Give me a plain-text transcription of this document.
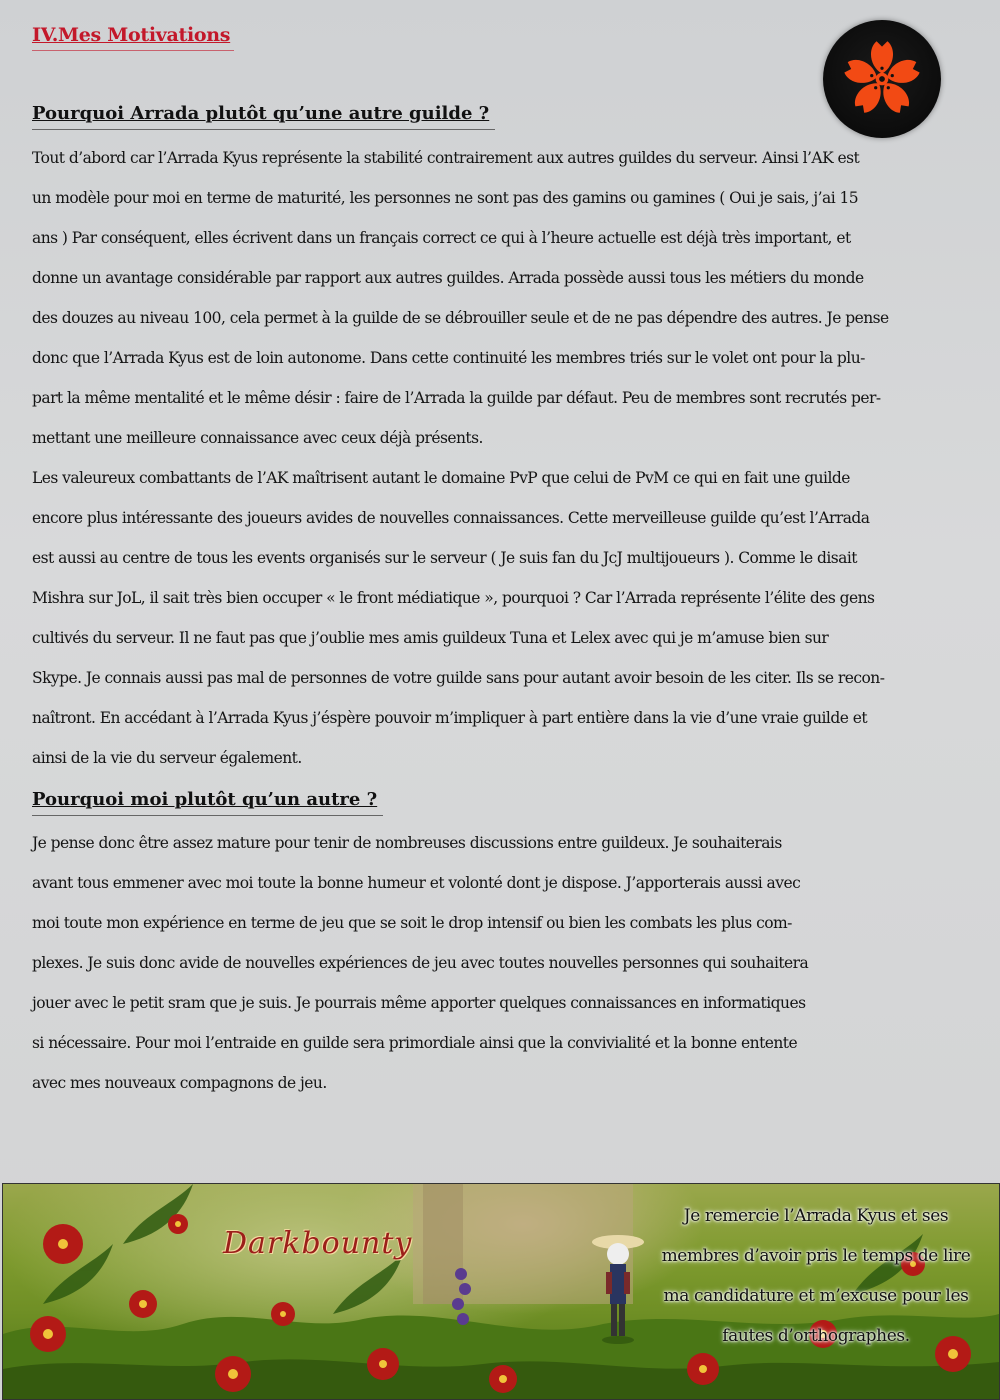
IV.Mes Motivations
Pourquoi Arrada plutôt qu’une autre guilde ?
Tout d’abord car l’Arrada Kyus représente la stabilité contrairement aux autres guildes du serveur. Ainsi l’AK est
un modèle pour moi en terme de maturité, les personnes ne sont pas des gamins ou gamines ( Oui je sais, j’ai 15
ans ) Par conséquent, elles écrivent dans un français correct ce qui à l’heure actuelle est déjà très important, et
donne un avantage considérable par rapport aux autres guildes. Arrada possède aussi tous les métiers du monde
des douzes au niveau 100, cela permet à la guilde de se débrouiller seule et de ne pas dépendre des autres. Je pense
donc que l’Arrada Kyus est de loin autonome. Dans cette continuité les membres triés sur le volet ont pour la plu-
part la même mentalité et le même désir : faire de l’Arrada la guilde par défaut. Peu de membres sont recrutés per-
mettant une meilleure connaissance avec ceux déjà présents.
Les valeureux combattants de l’AK maîtrisent autant le domaine PvP que celui de PvM ce qui en fait une guilde
encore plus intéressante des joueurs avides de nouvelles connaissances. Cette merveilleuse guilde qu’est l’Arrada
est aussi au centre de tous les events organisés sur le serveur ( Je suis fan du JcJ multijoueurs ). Comme le disait
Mishra sur JoL, il sait très bien occuper « le front médiatique », pourquoi ? Car l’Arrada représente l’élite des gens
cultivés du serveur. Il ne faut pas que j’oublie mes amis guildeux Tuna et Lelex avec qui je m’amuse bien sur
Skype. Je connais aussi pas mal de personnes de votre guilde sans pour autant avoir besoin de les citer. Ils se recon-
naîtront. En accédant à l’Arrada Kyus j’éspère pouvoir m’impliquer à part entière dans la vie d’une vraie guilde et
ainsi de la vie du serveur également.
Pourquoi moi plutôt qu’un autre ?
Je pense donc être assez mature pour tenir de nombreuses discussions entre guildeux. Je souhaiterais
avant tous emmener avec moi toute la bonne humeur et volonté dont je dispose. J’apporterais aussi avec
moi toute mon expérience en terme de jeu que se soit le drop intensif ou bien les combats les plus com-
plexes. Je suis donc avide de nouvelles expériences de jeu avec toutes nouvelles personnes qui souhaitera
jouer avec le petit sram que je suis. Je pourrais même apporter quelques connaissances en informatiques
si nécessaire. Pour moi l’entraide en guilde sera primordiale ainsi que la convivialité et la bonne entente
avec mes nouveaux compagnons de jeu.
Darkbounty
Je remercie l’Arrada Kyus et ses
membres d’avoir pris le temps de lire
ma candidature et m’excuse pour les
fautes d’orthographes.
